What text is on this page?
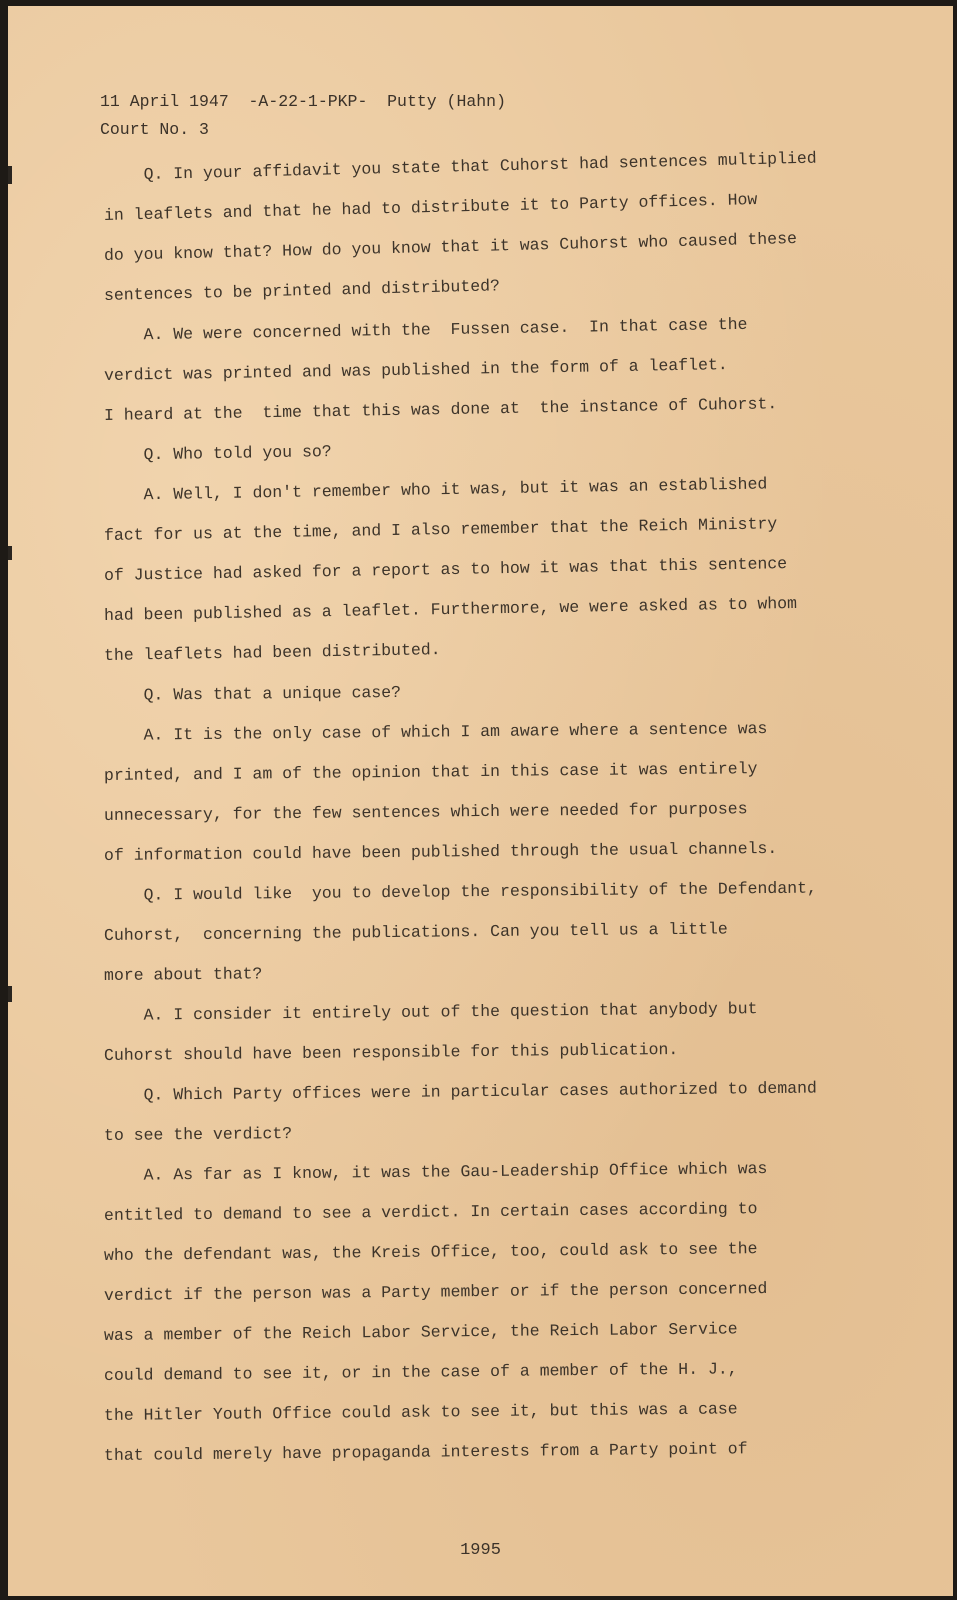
11 April 1947  -A-22-1-PKP-  Putty (Hahn)
Court No. 3
Q. In your affidavit you state that Cuhorst had sentences multiplied
in leaflets and that he had to distribute it to Party offices. How
do you know that? How do you know that it was Cuhorst who caused these
sentences to be printed and distributed?
A. We were concerned with the  Fussen case.  In that case the
verdict was printed and was published in the form of a leaflet.
I heard at the  time that this was done at  the instance of Cuhorst.
Q. Who told you so?
A. Well, I don't remember who it was, but it was an established
fact for us at the time, and I also remember that the Reich Ministry
of Justice had asked for a report as to how it was that this sentence
had been published as a leaflet. Furthermore, we were asked as to whom
the leaflets had been distributed.
Q. Was that a unique case?
A. It is the only case of which I am aware where a sentence was
printed, and I am of the opinion that in this case it was entirely
unnecessary, for the few sentences which were needed for purposes
of information could have been published through the usual channels.
Q. I would like  you to develop the responsibility of the Defendant,
Cuhorst,  concerning the publications. Can you tell us a little
more about that?
A. I consider it entirely out of the question that anybody but
Cuhorst should have been responsible for this publication.
Q. Which Party offices were in particular cases authorized to demand
to see the verdict?
A. As far as I know, it was the Gau-Leadership Office which was
entitled to demand to see a verdict. In certain cases according to
who the defendant was, the Kreis Office, too, could ask to see the
verdict if the person was a Party member or if the person concerned
was a member of the Reich Labor Service, the Reich Labor Service
could demand to see it, or in the case of a member of the H. J.,
the Hitler Youth Office could ask to see it, but this was a case
that could merely have propaganda interests from a Party point of
1995
